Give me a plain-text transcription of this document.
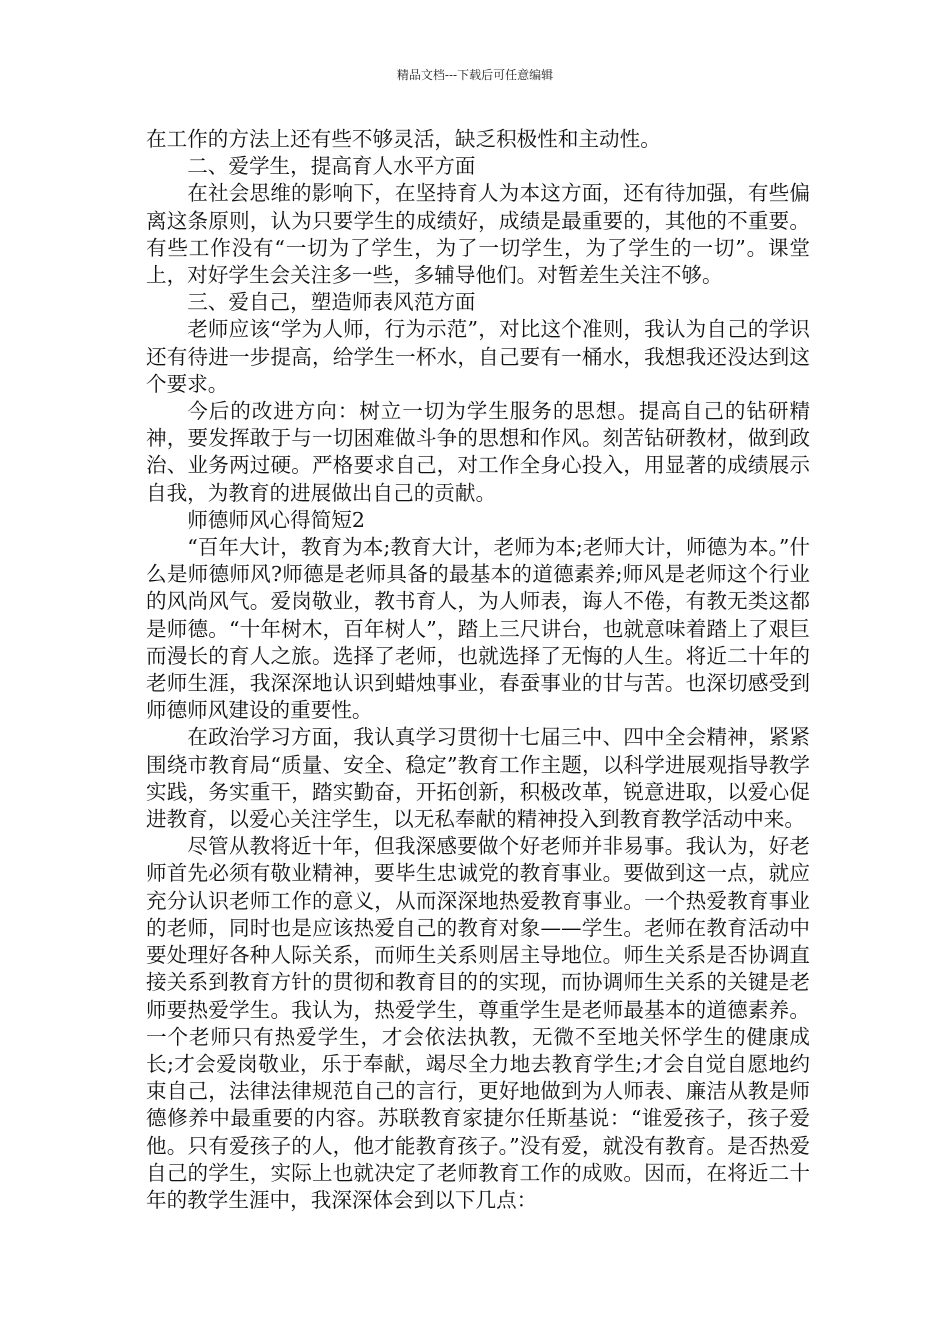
精品文档---下载后可任意编辑

在工作的方法上还有些不够灵活，缺乏积极性和主动性。

二、爱学生，提高育人水平方面

在社会思维的影响下，在坚持育人为本这方面，还有待加强，有些偏离这条原则，认为只要学生的成绩好，成绩是最重要的，其他的不重要。有些工作没有“一切为了学生，为了一切学生，为了学生的一切”。课堂上，对好学生会关注多一些，多辅导他们。对暂差生关注不够。

三、爱自己，塑造师表风范方面

老师应该“学为人师，行为示范”，对比这个准则，我认为自己的学识还有待进一步提高，给学生一杯水，自己要有一桶水，我想我还没达到这个要求。

今后的改进方向：树立一切为学生服务的思想。提高自己的钻研精神，要发挥敢于与一切困难做斗争的思想和作风。刻苦钻研教材，做到政治、业务两过硬。严格要求自己，对工作全身心投入，用显著的成绩展示自我，为教育的进展做出自己的贡献。

师德师风心得简短2

“百年大计，教育为本;教育大计，老师为本;老师大计，师德为本。”什么是师德师风?师德是老师具备的最基本的道德素养;师风是老师这个行业的风尚风气。爱岗敬业，教书育人，为人师表，诲人不倦，有教无类这都是师德。“十年树木，百年树人”，踏上三尺讲台，也就意味着踏上了艰巨而漫长的育人之旅。选择了老师，也就选择了无悔的人生。将近二十年的老师生涯，我深深地认识到蜡烛事业，春蚕事业的甘与苦。也深切感受到师德师风建设的重要性。

在政治学习方面，我认真学习贯彻十七届三中、四中全会精神，紧紧围绕市教育局“质量、安全、稳定”教育工作主题，以科学进展观指导教学实践，务实重干，踏实勤奋，开拓创新，积极改革，锐意进取，以爱心促进教育，以爱心关注学生，以无私奉献的精神投入到教育教学活动中来。

尽管从教将近十年，但我深感要做个好老师并非易事。我认为，好老师首先必须有敬业精神，要毕生忠诚党的教育事业。要做到这一点，就应充分认识老师工作的意义，从而深深地热爱教育事业。一个热爱教育事业的老师，同时也是应该热爱自己的教育对象——学生。老师在教育活动中要处理好各种人际关系，而师生关系则居主导地位。师生关系是否协调直接关系到教育方针的贯彻和教育目的的实现，而协调师生关系的关键是老师要热爱学生。我认为，热爱学生，尊重学生是老师最基本的道德素养。一个老师只有热爱学生，才会依法执教，无微不至地关怀学生的健康成长;才会爱岗敬业，乐于奉献，竭尽全力地去教育学生;才会自觉自愿地约束自己，法律法律规范自己的言行，更好地做到为人师表、廉洁从教是师德修养中最重要的内容。苏联教育家捷尔任斯基说：“谁爱孩子，孩子爱他。只有爱孩子的人，他才能教育孩子。”没有爱，就没有教育。是否热爱自己的学生，实际上也就决定了老师教育工作的成败。因而，在将近二十年的教学生涯中，我深深体会到以下几点：
